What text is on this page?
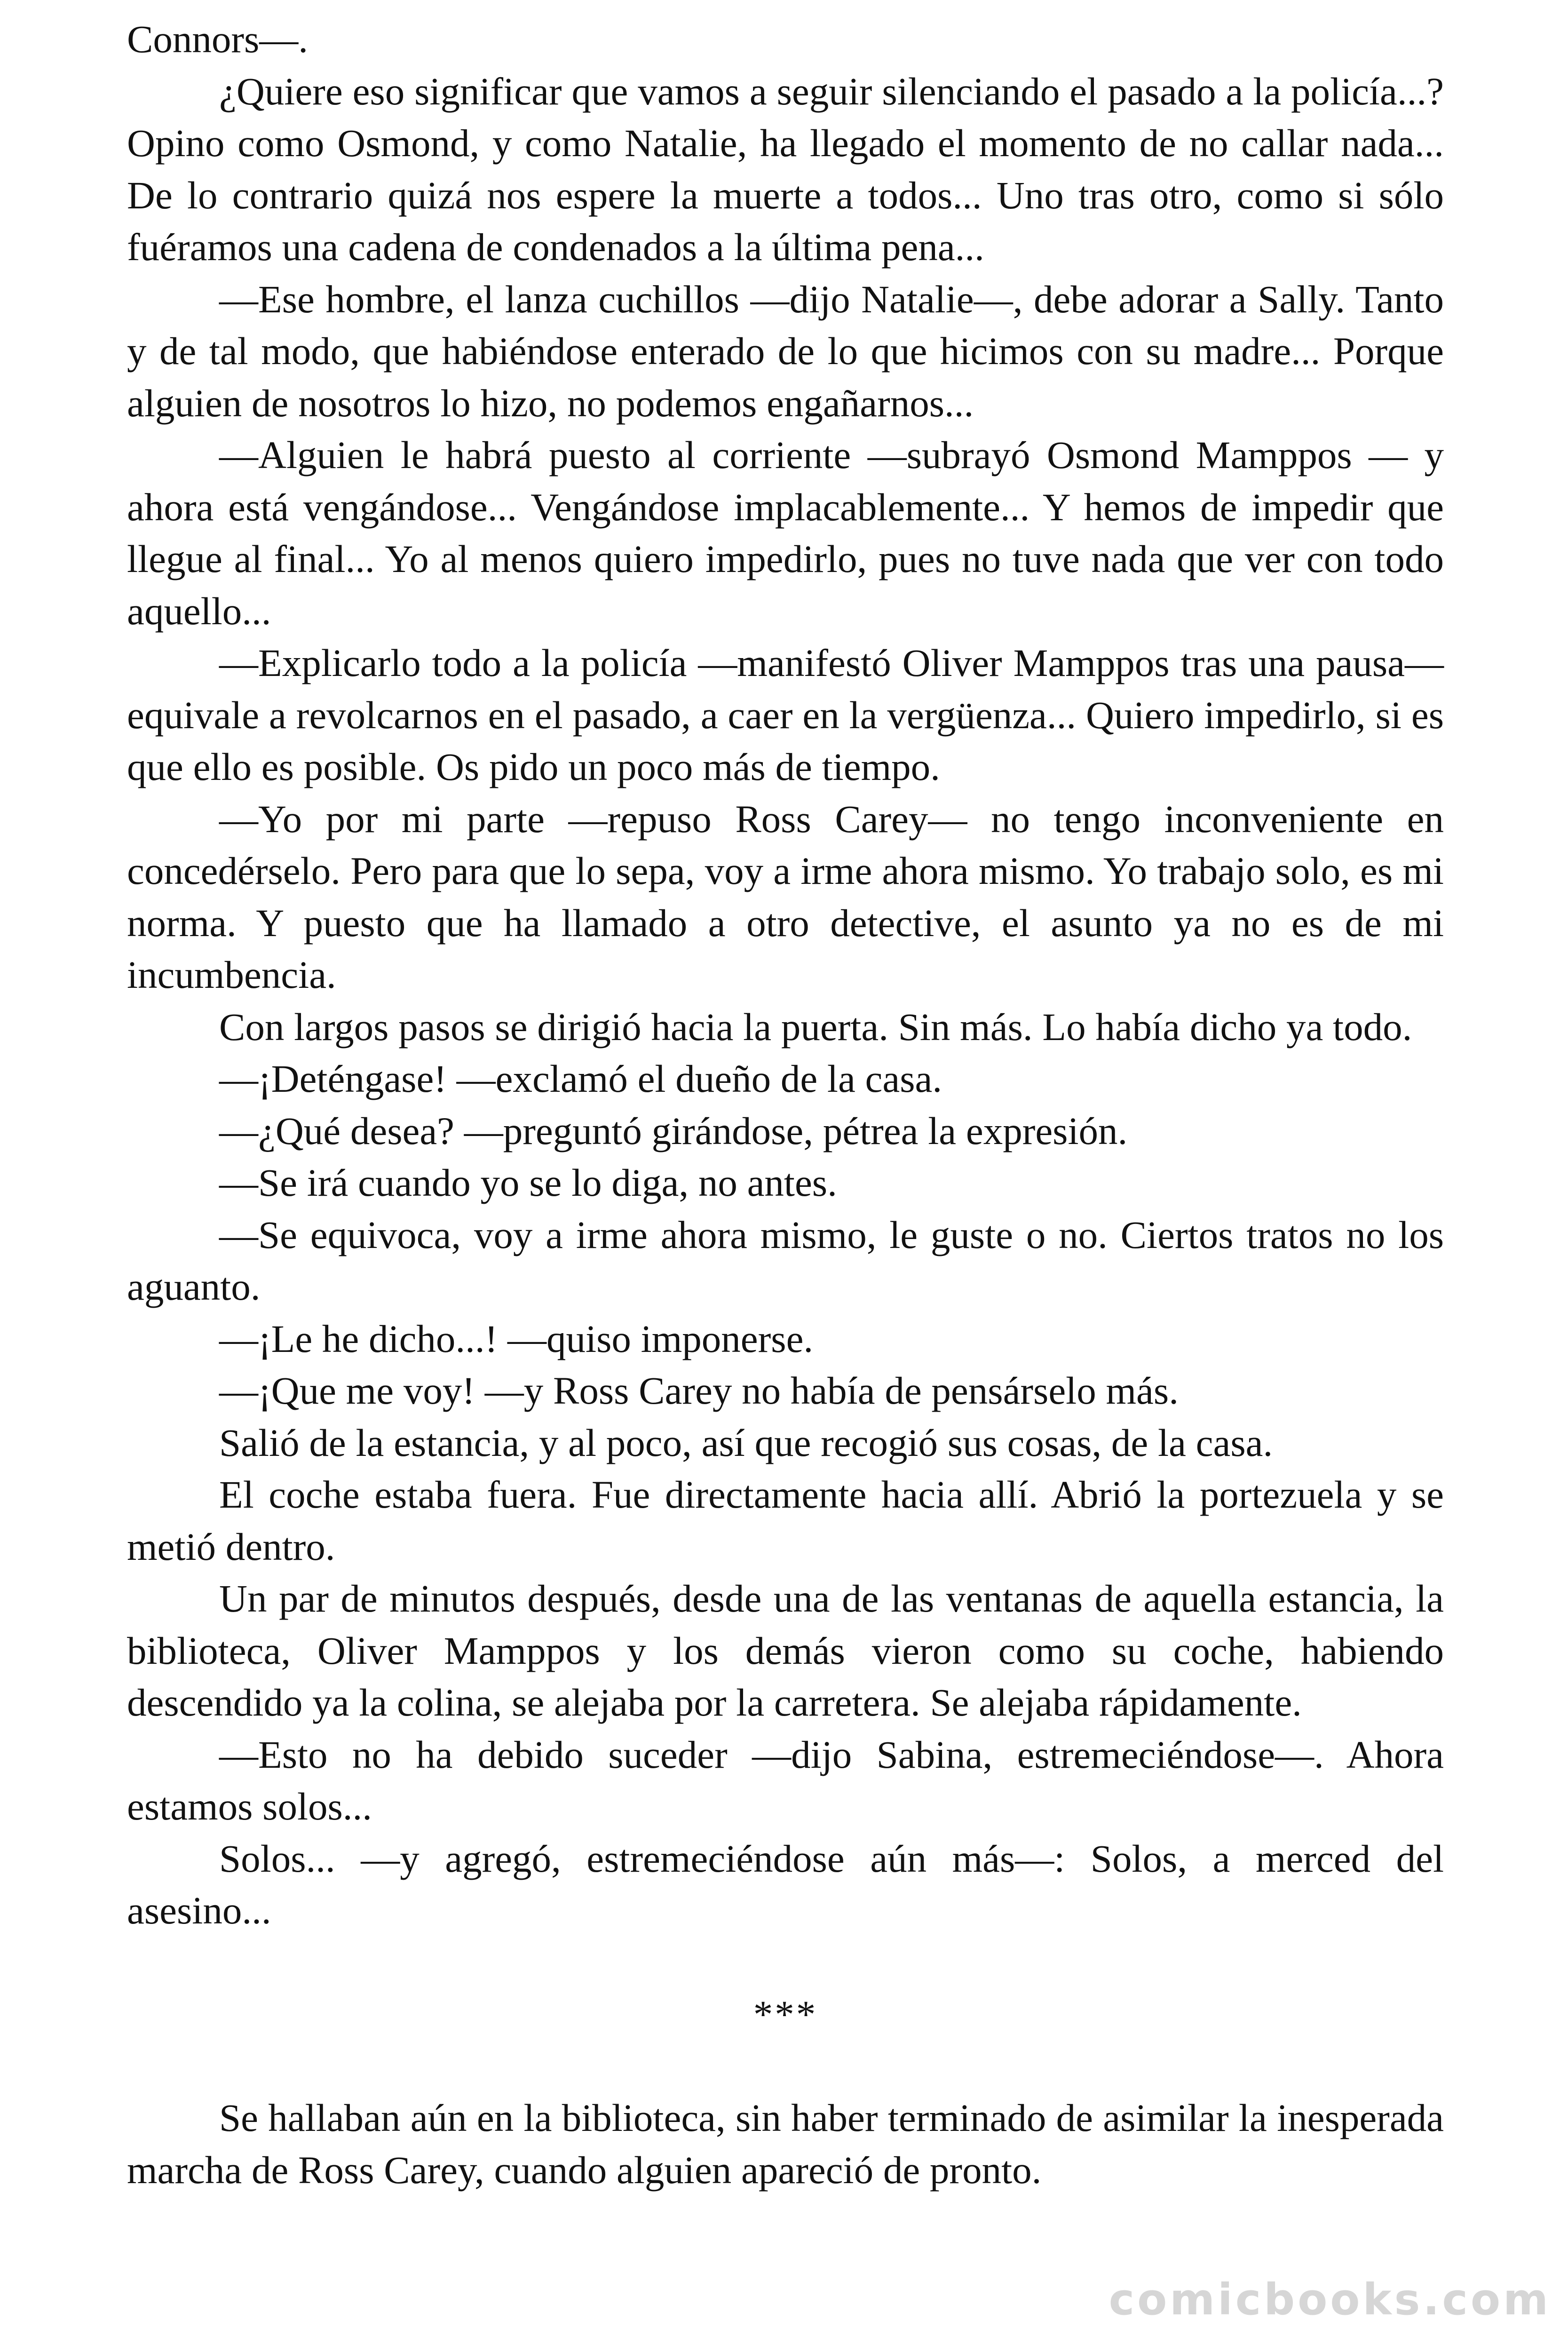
Connors—.

¿Quiere eso significar que vamos a seguir silenciando el pasado a la policía...? Opino como Osmond, y como Natalie, ha llegado el momento de no callar nada... De lo contrario quizá nos espere la muerte a todos... Uno tras otro, como si sólo fuéramos una cadena de condenados a la última pena...

—Ese hombre, el lanza cuchillos —dijo Natalie—, debe adorar a Sally. Tanto y de tal modo, que habiéndose enterado de lo que hicimos con su madre... Porque alguien de nosotros lo hizo, no podemos engañarnos...

—Alguien le habrá puesto al corriente —subrayó Osmond Mamppos — y ahora está vengándose... Vengándose implacablemente... Y hemos de impedir que llegue al final... Yo al menos quiero impedirlo, pues no tuve nada que ver con todo aquello...

—Explicarlo todo a la policía —manifestó Oliver Mamppos tras una pausa— equivale a revolcarnos en el pasado, a caer en la vergüenza... Quiero impedirlo, si es que ello es posible. Os pido un poco más de tiempo.

—Yo por mi parte —repuso Ross Carey— no tengo inconveniente en concedérselo. Pero para que lo sepa, voy a irme ahora mismo. Yo trabajo solo, es mi norma. Y puesto que ha llamado a otro detective, el asunto ya no es de mi incumbencia.

Con largos pasos se dirigió hacia la puerta. Sin más. Lo había dicho ya todo.

—¡Deténgase! —exclamó el dueño de la casa.

—¿Qué desea? —preguntó girándose, pétrea la expresión.

—Se irá cuando yo se lo diga, no antes.

—Se equivoca, voy a irme ahora mismo, le guste o no. Ciertos tratos no los aguanto.

—¡Le he dicho...! —quiso imponerse.

—¡Que me voy! —y Ross Carey no había de pensárselo más.

Salió de la estancia, y al poco, así que recogió sus cosas, de la casa.

El coche estaba fuera. Fue directamente hacia allí. Abrió la portezuela y se metió dentro.

Un par de minutos después, desde una de las ventanas de aquella estancia, la biblioteca, Oliver Mamppos y los demás vieron como su coche, habiendo descendido ya la colina, se alejaba por la carretera. Se alejaba rápidamente.

—Esto no ha debido suceder —dijo Sabina, estremeciéndose—. Ahora estamos solos...

Solos... —y agregó, estremeciéndose aún más—: Solos, a merced del asesino...

***

Se hallaban aún en la biblioteca, sin haber terminado de asimilar la inesperada marcha de Ross Carey, cuando alguien apareció de pronto.

comicbooks.com
